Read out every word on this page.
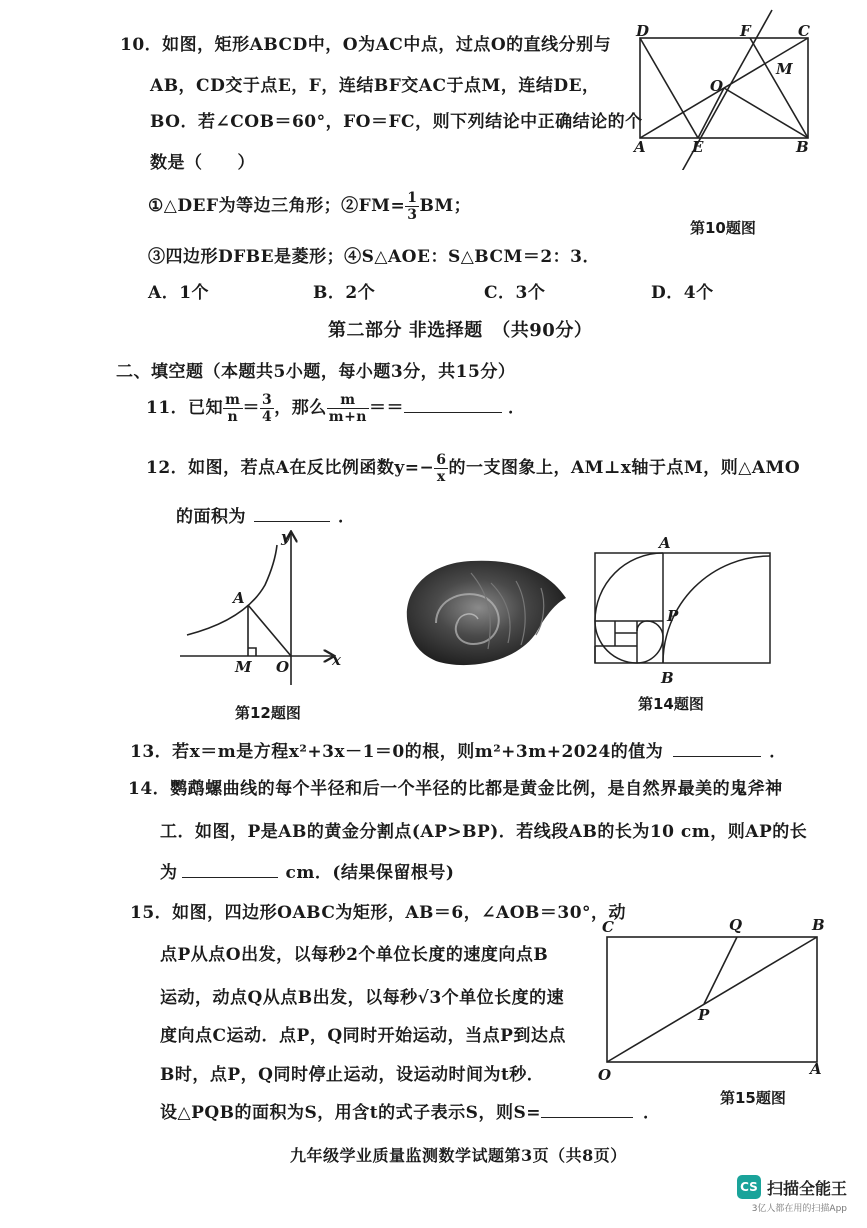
10．如图，矩形ABCD中，O为AC中点，过点O的直线分别与
AB，CD交于点E，F，连结BF交AC于点M，连结DE，
BO．若∠COB＝60°，FO＝FC，则下列结论中正确结论的个
数是（　　）
①△DEF为等边三角形；②FM= $\frac{1}{3}$ BM；
③四边形DFBE是菱形；④S△AOE：S△BCM＝2：3．
A．1个	B．2个	C．3个	D．4个
D	F	C
M
O
A	E	B
第10题图
第二部分 非选择题　（共90分）
二、填空题（本题共5小题，每小题3分，共15分）
11．已知 $\frac{m}{n} = \frac{3}{4}$ ，那么 $\frac{m}{m+n}$ ＝＝	．
12．如图，若点A在反比例函数$y=- \frac{6}{x}$ 的一支图象上，AM⊥x轴于点M，则△AMO
的面积为	．
y
x
A
M O
第12题图
A
P
B
第14题图
13．若x＝m是方程x²+3x－1＝0的根，则m²+3m+2024的值为	．
14．鹦鹉螺曲线的每个半径和后一个半径的比都是黄金比例，是自然界最美的鬼斧神
工．如图，P是AB的黄金分割点(AP>BP)．若线段AB的长为10 cm，则AP的长
为	cm．(结果保留根号)
15．如图，四边形OABC为矩形，AB＝6，∠AOB＝30°，动
点P从点O出发，以每秒2个单位长度的速度向点B
运动，动点Q从点B出发，以每秒√3个单位长度的速
度向点C运动．点P，Q同时开始运动，当点P到达点
B时，点P，Q同时停止运动，设运动时间为t秒．
设△PQB的面积为S，用含t的式子表示S，则S=	．
C	Q	B
P
O	A
第15题图
九年级学业质量监测数学试题第3页（共8页）
CS 扫描全能王
3亿人都在用的扫描App
